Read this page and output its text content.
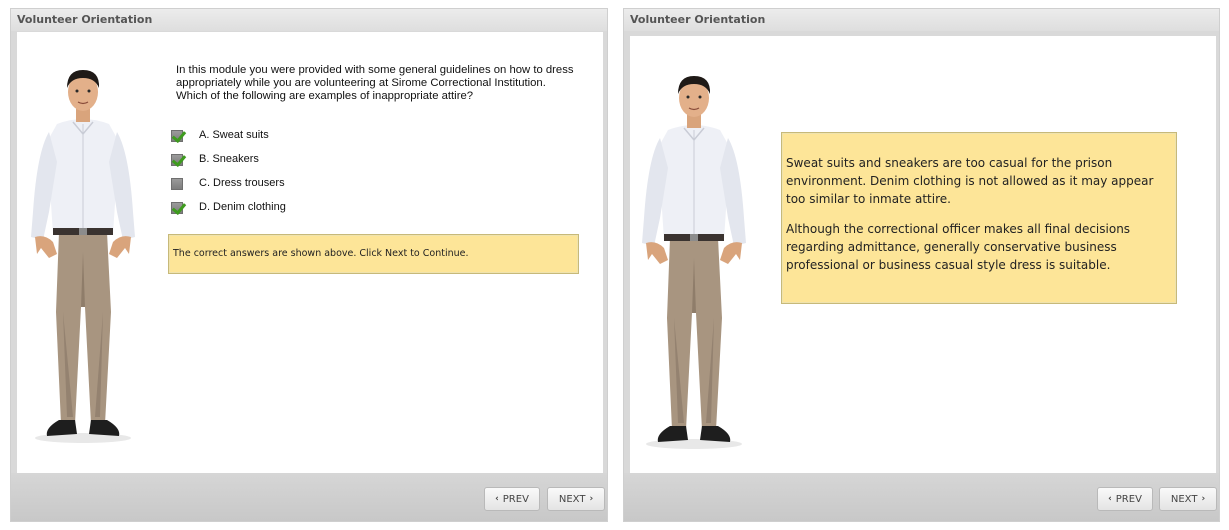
Volunteer Orientation
In this module you were provided with some general guidelines on how to dress appropriately while you are volunteering at Sirome Correctional Institution. Which of the following are examples of inappropriate attire?
A. Sweat suits
B. Sneakers
C. Dress trousers
D. Denim clothing
The correct answers are shown above. Click Next to Continue.
‹ PREV	NEXT ›
Volunteer Orientation

Sweat suits and sneakers are too casual for the prison environment. Denim clothing is not allowed as it may appear too similar to inmate attire.

Although the correctional officer makes all final decisions regarding admittance, generally conservative business professional or business casual style dress is suitable.

‹ PREV	NEXT ›
